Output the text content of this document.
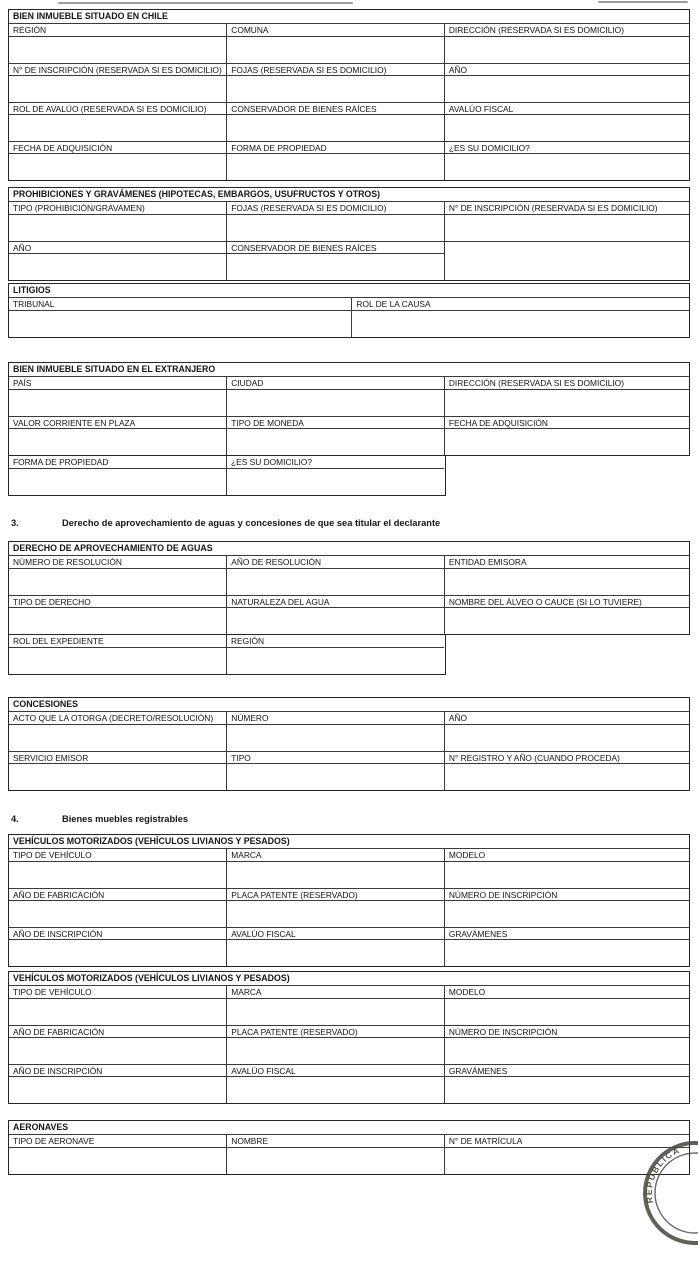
BIEN INMUEBLE SITUADO EN CHILE
REGIÓN	COMUNA	DIRECCIÓN (RESERVADA SI ES DOMICILIO)
N° DE INSCRIPCIÓN (RESERVADA SI ES DOMICILIO)	FOJAS (RESERVADA SI ES DOMICILIO)	AÑO
ROL DE AVALÚO (RESERVADA SI ES DOMICILIO)	CONSERVADOR DE BIENES RAÍCES	AVALÚO FISCAL
FECHA DE ADQUISICIÓN	FORMA DE PROPIEDAD	¿ES SU DOMICILIO?
PROHIBICIONES Y GRAVÁMENES (HIPOTECAS, EMBARGOS, USUFRUCTOS Y OTROS)
TIPO (PROHIBICIÓN/GRAVAMEN)	FOJAS (RESERVADA SI ES DOMICILIO)	N° DE INSCRIPCIÓN (RESERVADA SI ES DOMICILIO)
AÑO	CONSERVADOR DE BIENES RAÍCES
LITIGIOS
TRIBUNAL	ROL DE LA CAUSA
BIEN INMUEBLE SITUADO EN EL EXTRANJERO
PAÍS	CIUDAD	DIRECCIÓN (RESERVADA SI ES DOMICILIO)
VALOR CORRIENTE EN PLAZA	TIPO DE MONEDA	FECHA DE ADQUISICIÓN
FORMA DE PROPIEDAD	¿ES SU DOMICILIO?
3.	Derecho de aprovechamiento de aguas y concesiones de que sea titular el declarante
DERECHO DE APROVECHAMIENTO DE AGUAS
NÚMERO DE RESOLUCIÓN	AÑO DE RESOLUCIÓN	ENTIDAD EMISORA
TIPO DE DERECHO	NATURALEZA DEL AGUA	NOMBRE DEL ÁLVEO O CAUCE (SI LO TUVIERE)
ROL DEL EXPEDIENTE	REGIÓN
CONCESIONES
ACTO QUE LA OTORGA (DECRETO/RESOLUCIÓN)	NÚMERO	AÑO
SERVICIO EMISOR	TIPO	N° REGISTRO Y AÑO (CUANDO PROCEDA)
4.	Bienes muebles registrables
VEHÍCULOS MOTORIZADOS (VEHÍCULOS LIVIANOS Y PESADOS)
TIPO DE VEHÍCULO	MARCA	MODELO
AÑO DE FABRICACIÓN	PLACA PATENTE (RESERVADO)	NÚMERO DE INSCRIPCIÓN
AÑO DE INSCRIPCIÓN	AVALÚO FISCAL	GRAVÁMENES
VEHÍCULOS MOTORIZADOS (VEHÍCULOS LIVIANOS Y PESADOS)
TIPO DE VEHÍCULO	MARCA	MODELO
AÑO DE FABRICACIÓN	PLACA PATENTE (RESERVADO)	NÚMERO DE INSCRIPCIÓN
AÑO DE INSCRIPCIÓN	AVALÚO FISCAL	GRAVÁMENES
AERONAVES
TIPO DE AERONAVE	NOMBRE	N° DE MATRÍCULA
REPUBLICA
